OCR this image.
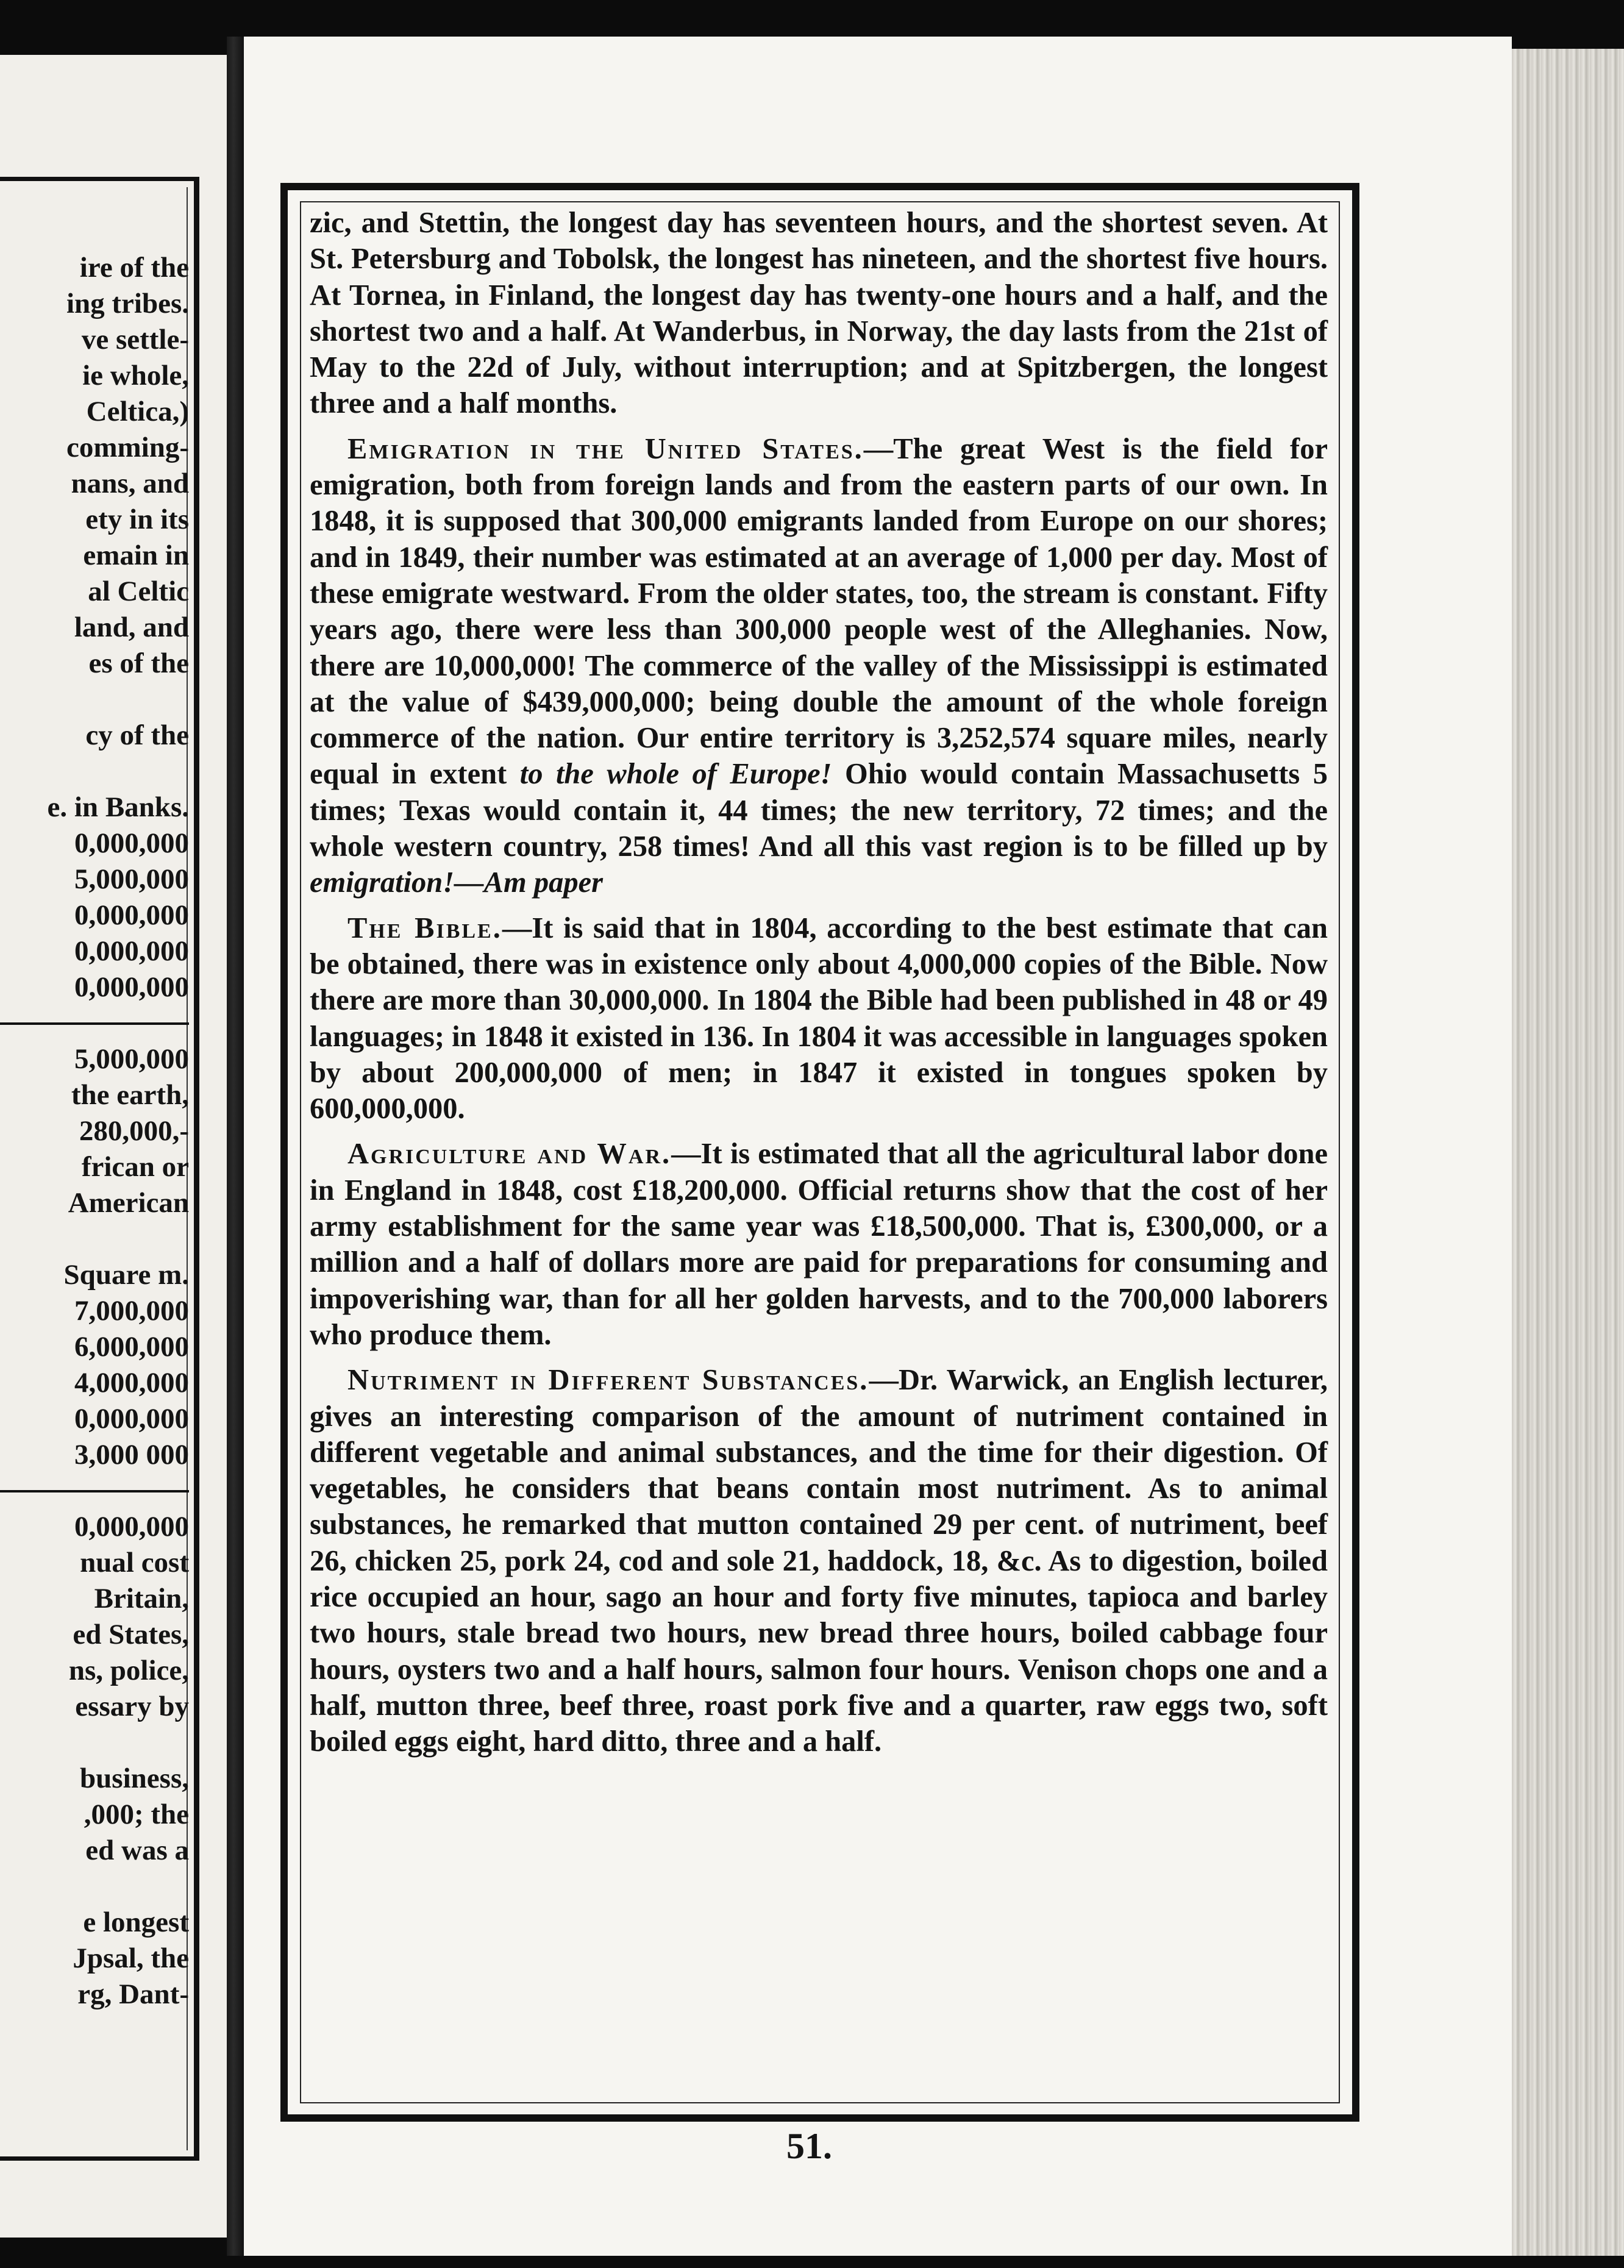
ire of the
ing tribes.
ve settle-
ie whole,
Celtica,)
comming-
nans, and
ety in its
emain in
al Celtic
land, and
es of the
cy of the
e. in Banks.
0,000,000
5,000,000
0,000,000
0,000,000
0,000,000
5,000,000
the earth,
280,000,-
frican or
American
Square m.
7,000,000
6,000,000
4,000,000
0,000,000
3,000 000
0,000,000
nual cost
Britain,
ed States,
ns, police,
essary by
business,
,000; the
ed was a
e longest
Jpsal, the
rg, Dant-

zic, and Stettin, the longest day has seventeen hours, and the shortest seven. At St. Petersburg and Tobolsk, the longest has nineteen, and the shortest five hours. At Tornea, in Finland, the longest day has twenty-one hours and a half, and the shortest two and a half. At Wanderbus, in Norway, the day lasts from the 21st of May to the 22d of July, without interruption; and at Spitzbergen, the longest three and a half months.

Emigration in the United States.—The great West is the field for emigration, both from foreign lands and from the eastern parts of our own. In 1848, it is supposed that 300,000 emigrants landed from Europe on our shores; and in 1849, their number was estimated at an average of 1,000 per day. Most of these emigrate westward. From the older states, too, the stream is constant. Fifty years ago, there were less than 300,000 people west of the Alleghanies. Now, there are 10,000,000! The commerce of the valley of the Mississippi is estimated at the value of $439,000,000; being double the amount of the whole foreign commerce of the nation. Our entire territory is 3,252,574 square miles, nearly equal in extent to the whole of Europe! Ohio would contain Massachusetts 5 times; Texas would contain it, 44 times; the new territory, 72 times; and the whole western country, 258 times! And all this vast region is to be filled up by emigration!—Am paper

The Bible.—It is said that in 1804, according to the best estimate that can be obtained, there was in existence only about 4,000,000 copies of the Bible. Now there are more than 30,000,000. In 1804 the Bible had been published in 48 or 49 languages; in 1848 it existed in 136. In 1804 it was accessible in languages spoken by about 200,000,000 of men; in 1847 it existed in tongues spoken by 600,000,000.

Agriculture and War.—It is estimated that all the agricultural labor done in England in 1848, cost £18,200,000. Official returns show that the cost of her army establishment for the same year was £18,500,000. That is, £300,000, or a million and a half of dollars more are paid for preparations for consuming and impoverishing war, than for all her golden harvests, and to the 700,000 laborers who produce them.

Nutriment in Different Substances.—Dr. Warwick, an English lecturer, gives an interesting comparison of the amount of nutriment contained in different vegetable and animal substances, and the time for their digestion. Of vegetables, he considers that beans contain most nutriment. As to animal substances, he remarked that mutton contained 29 per cent. of nutriment, beef 26, chicken 25, pork 24, cod and sole 21, haddock, 18, &c. As to digestion, boiled rice occupied an hour, sago an hour and forty five minutes, tapioca and barley two hours, stale bread two hours, new bread three hours, boiled cabbage four hours, oysters two and a half hours, salmon four hours. Venison chops one and a half, mutton three, beef three, roast pork five and a quarter, raw eggs two, soft boiled eggs eight, hard ditto, three and a half.

51.
